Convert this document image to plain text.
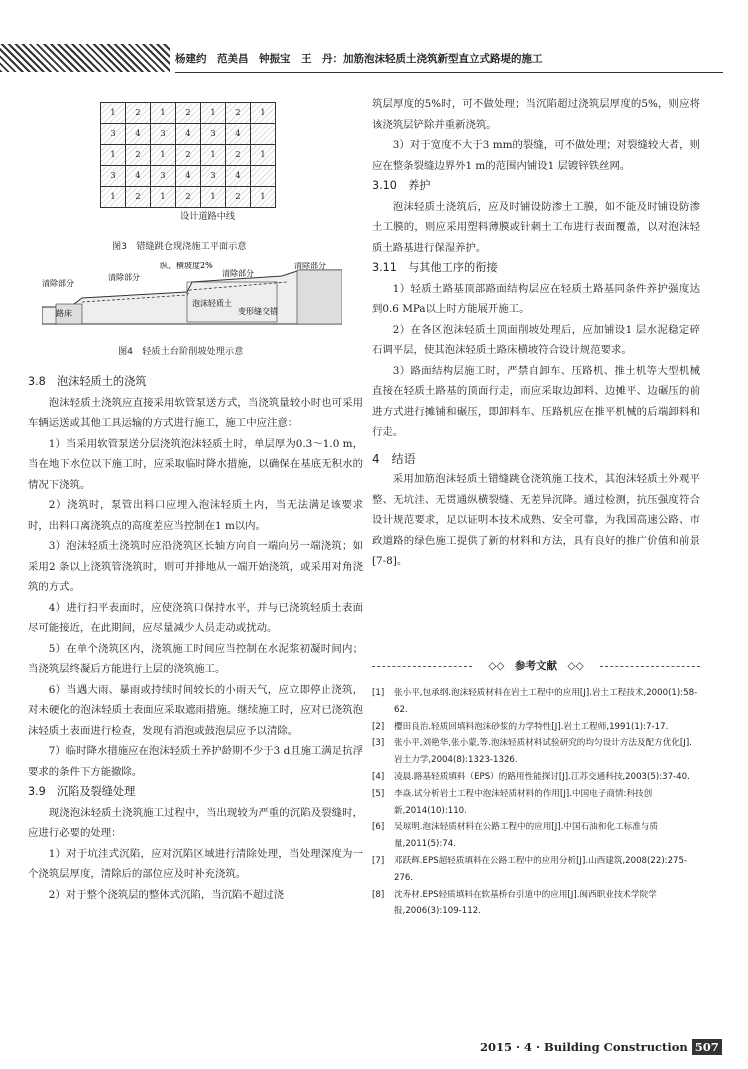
杨建约　范美昌　钟振宝　王　丹：加筋泡沫轻质土浇筑新型直立式路堤的施工
1	2	1	2	1	2	1
3	4	3	4	3	4	
1	2	1	2	1	2	1
3	4	3	4	3	4	
1	2	1	2	1	2	1
设计道路中线
图3　错缝跳仓现浇施工平面示意
清除部分
清除部分
纵、横坡度2%
清除部分
清除部分
泡沫轻质土
变形缝交错
路床
图4　轻质土台阶削坡处理示意

3.8　泡沫轻质土的浇筑

泡沫轻质土浇筑应直接采用软管泵送方式，当浇筑量较小时也可采用车辆运送或其他工具运输的方式进行施工，施工中应注意：

1）当采用软管泵送分层浇筑泡沫轻质土时，单层厚为0.3～1.0 m，当在地下水位以下施工时，应采取临时降水措施，以确保在基底无积水的情况下浇筑。

2）浇筑时，泵管出料口应埋入泡沫轻质土内，当无法满足该要求时，出料口离浇筑点的高度差应当控制在1 m以内。

3）泡沫轻质土浇筑时应沿浇筑区长轴方向自一端向另一端浇筑；如采用2 条以上浇筑管浇筑时，则可并排地从一端开始浇筑，或采用对角浇筑的方式。

4）进行扫平表面时，应使浇筑口保持水平，并与已浇筑轻质土表面尽可能接近，在此期间，应尽量减少人员走动或扰动。

5）在单个浇筑区内，浇筑施工时间应当控制在水泥浆初凝时间内；当浇筑层终凝后方能进行上层的浇筑施工。

6）当遇大雨、暴雨或持续时间较长的小雨天气，应立即停止浇筑，对未硬化的泡沫轻质土表面应采取遮雨措施。继续施工时，应对已浇筑泡沫轻质土表面进行检查，发现有消泡或鼓泡层应予以清除。

7）临时降水措施应在泡沫轻质土养护龄期不少于3 d且施工满足抗浮要求的条件下方能撤除。

3.9　沉陷及裂缝处理

现浇泡沫轻质土浇筑施工过程中，当出现较为严重的沉陷及裂缝时，应进行必要的处理：

1）对于坑洼式沉陷，应对沉陷区域进行清除处理，当处理深度为一个浇筑层厚度，清除后的部位应及时补充浇筑。

2）对于整个浇筑层的整体式沉陷，当沉陷不超过浇

筑层厚度的5%时，可不做处理；当沉陷超过浇筑层厚度的5%，则应将该浇筑层铲除并重新浇筑。

3）对于宽度不大于3 mm的裂缝，可不做处理；对裂缝较大者，则应在整条裂缝边界外1 m的范围内铺设1 层镀锌铁丝网。

3.10　养护

泡沫轻质土浇筑后，应及时铺设防渗土工膜，如不能及时铺设防渗土工膜的，则应采用塑料薄膜或针刺土工布进行表面覆盖，以对泡沫轻质土路基进行保湿养护。

3.11　与其他工序的衔接

1）轻质土路基顶部路面结构层应在轻质土路基同条件养护强度达到0.6 MPa以上时方能展开施工。

2）在各区泡沫轻质土顶面削坡处理后，应加铺设1 层水泥稳定碎石调平层，使其泡沫轻质土路床横坡符合设计规范要求。

3）路面结构层施工时，严禁自卸车、压路机、推土机等大型机械直接在轻质土路基的顶面行走，而应采取边卸料、边摊平、边碾压的前进方式进行摊铺和碾压，即卸料车、压路机应在推平机械的后端卸料和行走。

4　结语

采用加筋泡沫轻质土错缝跳仓浇筑施工技术，其泡沫轻质土外观平整、无坑洼、无贯通纵横裂缝、无差异沉降。通过检测，抗压强度符合设计规范要求，足以证明本技术成熟、安全可靠，为我国高速公路、市政道路的绿色施工提供了新的材料和方法，具有良好的推广价值和前景[7-8]。

◇◇　参考文献　◇◇
[1]	张小平,包承纲.泡沫轻质材料在岩土工程中的应用[J].岩土工程技术,2000(1):58-62.
[2]	樱田良治.轻质回填料泡沫砂浆的力学特性[J].岩土工程师,1991(1):7-17.
[3]	张小平,刘艳华,张小蒙,等.泡沫轻质材料试验研究的均匀设计方法及配方优化[J].岩土力学,2004(8):1323-1326.
[4]	凌晨.路基轻质填料（EPS）的路用性能探讨[J].江苏交通科技,2003(5):37-40.
[5]	李焱.试分析岩土工程中泡沫轻质材料的作用[J].中国电子商情:科技创新,2014(10):110.
[6]	吴琼明.泡沫轻质材料在公路工程中的应用[J].中国石油和化工标准与质量,2011(5):74.
[7]	邓跃辉.EPS超轻质填料在公路工程中的应用分析[J].山西建筑,2008(22):275-276.
[8]	沈寿材.EPS轻质填料在软基桥台引道中的应用[J].闽西职业技术学院学报,2006(3):109-112.
2015 · 4 · Building Construction 507
